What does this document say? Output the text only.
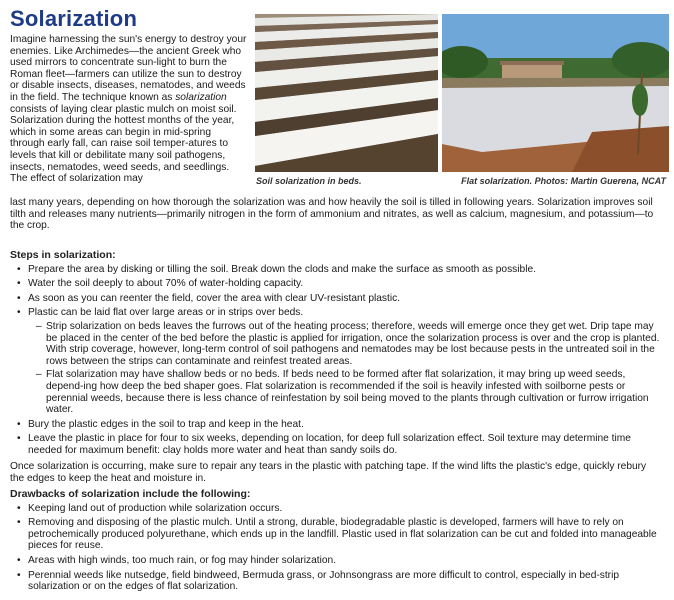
Solarization
Imagine harnessing the sun's energy to destroy your enemies. Like Archimedes—the ancient Greek who used mirrors to concentrate sun-light to burn the Roman fleet—farmers can utilize the sun to destroy or disable insects, diseases, nematodes, and weeds in the field. The technique known as solarization consists of laying clear plastic mulch on moist soil. Solarization during the hottest months of the year, which in some areas can begin in mid-spring through early fall, can raise soil temper-atures to levels that kill or debilitate many soil pathogens, insects, nematodes, weed seeds, and seedlings. The effect of solarization may	Soil solarization in beds.	Flat solarization. Photos: Martin Guerena, NCAT
last many years, depending on how thorough the solarization was and how heavily the soil is tilled in following years. Solarization improves soil tilth and releases many nutrients—primarily nitrogen in the form of ammonium and nitrates, as well as calcium, magnesium, and potassium—to the crop.
Steps in solarization:
• Prepare the area by disking or tilling the soil. Break down the clods and make the surface as smooth as possible.
• Water the soil deeply to about 70% of water-holding capacity.
• As soon as you can reenter the field, cover the area with clear UV-resistant plastic.
• Plastic can be laid flat over large areas or in strips over beds.
– Strip solarization on beds leaves the furrows out of the heating process; therefore, weeds will emerge once they get wet. Drip tape may be placed in the center of the bed before the plastic is applied for irrigation, once the solarization process is over and the crop is planted. With strip coverage, however, long-term control of soil pathogens and nematodes may be lost because pests in the untreated soil in the rows between the strips can contaminate and reinfest treated areas.
– Flat solarization may have shallow beds or no beds. If beds need to be formed after flat solarization, it may bring up weed seeds, depend-ing how deep the bed shaper goes. Flat solarization is recommended if the soil is heavily infested with soilborne pests or perennial weeds, because there is less chance of reinfestation by soil being moved to the plants through cultivation or furrow irrigation water.
• Bury the plastic edges in the soil to trap and keep in the heat.
• Leave the plastic in place for four to six weeks, depending on location, for deep full solarization effect. Soil texture may determine time needed for maximum benefit: clay holds more water and heat than sandy soils do.
Once solarization is occurring, make sure to repair any tears in the plastic with patching tape. If the wind lifts the plastic's edge, quickly rebury the edges to keep the heat and moisture in.
Drawbacks of solarization include the following:
• Keeping land out of production while solarization occurs.
• Removing and disposing of the plastic mulch. Until a strong, durable, biodegradable plastic is developed, farmers will have to rely on petrochemically produced polyurethane, which ends up in the landfill. Plastic used in flat solarization can be cut and folded into manageable pieces for reuse.
• Areas with high winds, too much rain, or fog may hinder solarization.
• Perennial weeds like nutsedge, field bindweed, Bermuda grass, or Johnsongrass are more difficult to control, especially in bed-strip solarization or on the edges of flat solarization.
